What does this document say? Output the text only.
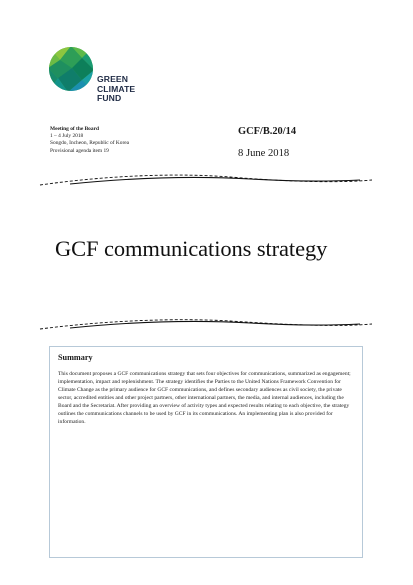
GREEN
CLIMATE
FUND
Meeting of the Board
1 – 4 July 2018
Songdo, Incheon, Republic of Korea
Provisional agenda item 19
GCF/B.20/14
8 June 2018
GCF communications strategy
Summary
This document proposes a GCF communications strategy that sets four objectives for communications, summarized as engagement; implementation, impact and replenishment. The strategy identifies the Parties to the United Nations Framework Convention for Climate Change as the primary audience for GCF communications, and defines secondary audiences as civil society, the private sector, accredited entities and other project partners, other international partners, the media, and internal audiences, including the Board and the Secretariat. After providing an overview of activity types and expected results relating to each objective, the strategy outlines the communications channels to be used by GCF in its communications. An implementing plan is also provided for information.
